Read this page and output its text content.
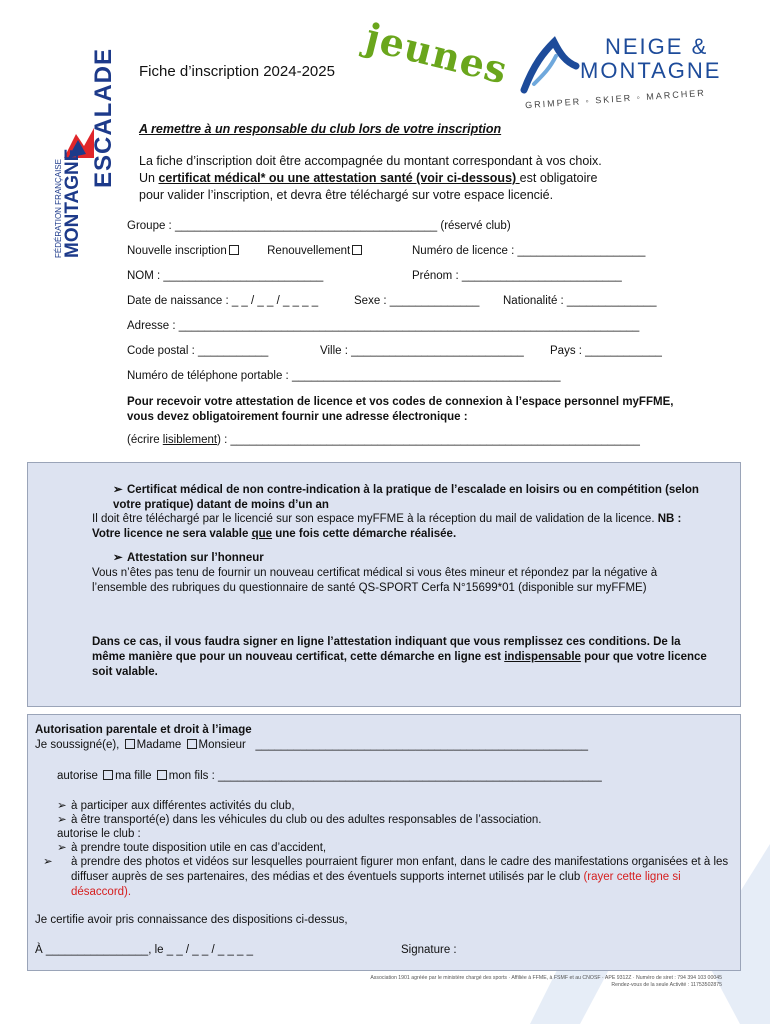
FÉDÉRATION FRANÇAISE MONTAGNE
ESCALADE Fiche d’inscription 2024-2025 jeunes	NEIGE &
MONTAGNE
GRIMPER ◦ SKIER ◦ MARCHER
A remettre à un responsable du club lors de votre inscription
La fiche d’inscription doit être accompagnée du montant correspondant à vos choix.
Un certificat médical* ou une attestation santé (voir ci-dessous) est obligatoire
pour valider l’inscription, et devra être téléchargé sur votre espace licencié.
Groupe : _________________________________________ (réservé club)
Nouvelle inscription	Renouvellement	Numéro de licence : ____________________
NOM : _________________________	Prénom : _________________________
Date de naissance : _ _ / _ _ / _ _ _ _	Sexe : ______________ Nationalité : ______________
Adresse : ________________________________________________________________________
Code postal : ___________	Ville : ___________________________ Pays : ____________
Numéro de téléphone portable : __________________________________________
Pour recevoir votre attestation de licence et vos codes de connexion à l’espace personnel myFFME, vous devez obligatoirement fournir une adresse électronique :
(écrire lisiblement) : ________________________________________________________________
➢ Certificat médical de non contre-indication à la pratique de l’escalade en loisirs ou en compétition (selon votre pratique) datant de moins d’un an
Il doit être téléchargé par le licencié sur son espace myFFME à la réception du mail de validation de la licence. NB : Votre licence ne sera valable que une fois cette démarche réalisée.
➢ Attestation sur l’honneur
Vous n’êtes pas tenu de fournir un nouveau certificat médical si vous êtes mineur et répondez par la négative à l’ensemble des rubriques du questionnaire de santé QS-SPORT Cerfa N°15699*01 (disponible sur myFFME)
Dans ce cas, il vous faudra signer en ligne l’attestation indiquant que vous remplissez ces conditions. De la même manière que pour un nouveau certificat, cette démarche en ligne est indispensable pour que votre licence soit valable.
Autorisation parentale et droit à l’image
Je soussigné(e), Madame Monsieur ____________________________________________________
autorise ma fille mon fils : ____________________________________________________________
➢ à participer aux différentes activités du club,
➢ à être transporté(e) dans les véhicules du club ou des adultes responsables de l’association.
autorise le club :
➢ à prendre toute disposition utile en cas d’accident,
➢ à prendre des photos et vidéos sur lesquelles pourraient figurer mon enfant, dans le cadre des manifestations organisées et à les diffuser auprès de ses partenaires, des médias et des éventuels supports internet utilisés par le club (rayer cette ligne si désaccord).
Je certifie avoir pris connaissance des dispositions ci-dessus,
À ________________, le _ _ / _ _ / _ _ _ _	Signature :
Association 1901 agréée par le ministère chargé des sports · Affiliée à FFME, à FSMF et au CNOSF · APE 9312Z · Numéro de siret : 794 394 103 00045
Rendez-vous de la seule Activité : 11753502875
